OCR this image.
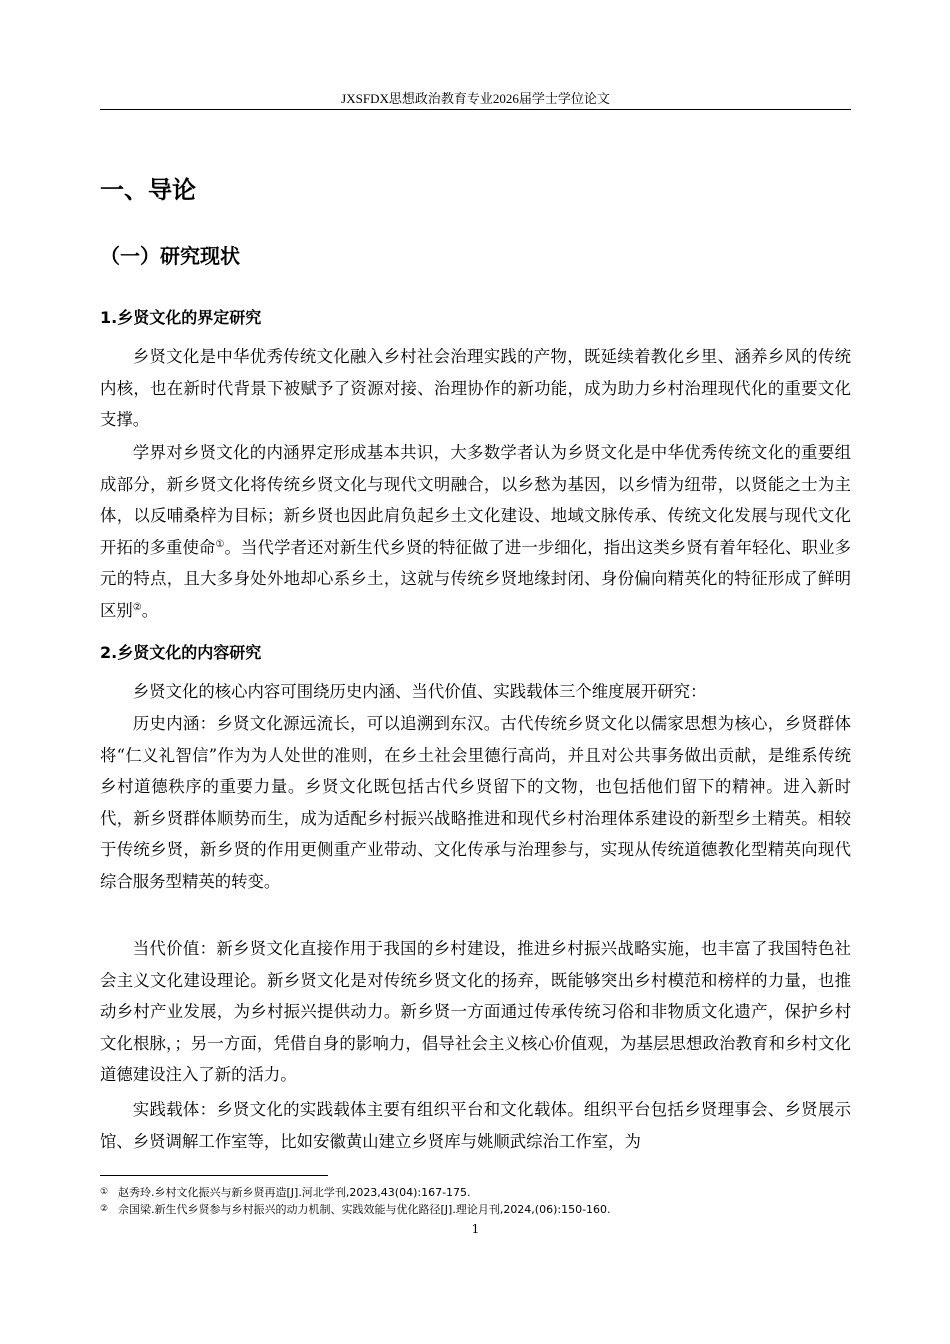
JXSFDX思想政治教育专业2026届学士学位论文
一、导论
（一）研究现状
1.乡贤文化的界定研究

乡贤文化是中华优秀传统文化融入乡村社会治理实践的产物，既延续着教化乡里、涵养乡风的传统内核，也在新时代背景下被赋予了资源对接、治理协作的新功能，成为助力乡村治理现代化的重要文化支撑。

学界对乡贤文化的内涵界定形成基本共识，大多数学者认为乡贤文化是中华优秀传统文化的重要组成部分，新乡贤文化将传统乡贤文化与现代文明融合，以乡愁为基因，以乡情为纽带，以贤能之士为主体，以反哺桑梓为目标；新乡贤也因此肩负起乡土文化建设、地域文脉传承、传统文化发展与现代文化开拓的多重使命①。当代学者还对新生代乡贤的特征做了进一步细化，指出这类乡贤有着年轻化、职业多元的特点，且大多身处外地却心系乡土，这就与传统乡贤地缘封闭、身份偏向精英化的特征形成了鲜明区别②。

2.乡贤文化的内容研究

乡贤文化的核心内容可围绕历史内涵、当代价值、实践载体三个维度展开研究：

历史内涵：乡贤文化源远流长，可以追溯到东汉。古代传统乡贤文化以儒家思想为核心，乡贤群体将“仁义礼智信”作为为人处世的准则，在乡土社会里德行高尚，并且对公共事务做出贡献，是维系传统乡村道德秩序的重要力量。乡贤文化既包括古代乡贤留下的文物，也包括他们留下的精神。进入新时代，新乡贤群体顺势而生，成为适配乡村振兴战略推进和现代乡村治理体系建设的新型乡土精英。相较于传统乡贤，新乡贤的作用更侧重产业带动、文化传承与治理参与，实现从传统道德教化型精英向现代综合服务型精英的转变。

当代价值：新乡贤文化直接作用于我国的乡村建设，推进乡村振兴战略实施，也丰富了我国特色社会主义文化建设理论。新乡贤文化是对传统乡贤文化的扬弃，既能够突出乡村模范和榜样的力量，也推动乡村产业发展，为乡村振兴提供动力。新乡贤一方面通过传承传统习俗和非物质文化遗产，保护乡村文化根脉，；另一方面，凭借自身的影响力，倡导社会主义核心价值观，为基层思想政治教育和乡村文化道德建设注入了新的活力。

实践载体：乡贤文化的实践载体主要有组织平台和文化载体。组织平台包括乡贤理事会、乡贤展示馆、乡贤调解工作室等，比如安徽黄山建立乡贤库与姚顺武综治工作室，为

① 赵秀玲.乡村文化振兴与新乡贤再造[J].河北学刊,2023,43(04):167-175.

② 佘国梁.新生代乡贤参与乡村振兴的动力机制、实践效能与优化路径[J].理论月刊,2024,(06):150-160.

1
